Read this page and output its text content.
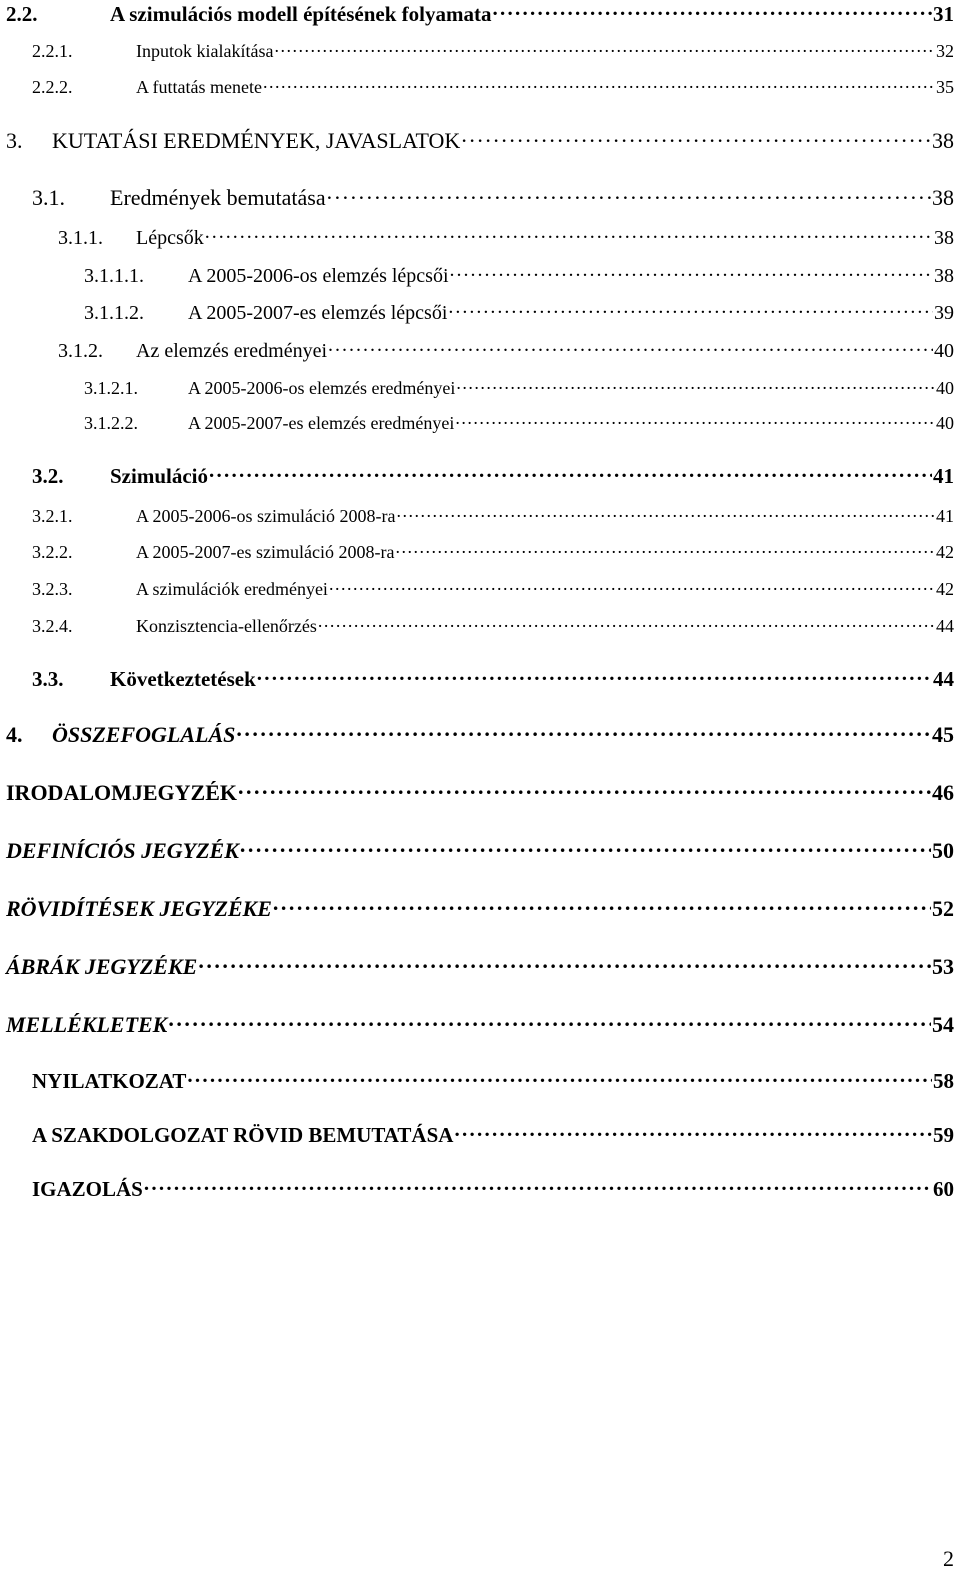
2.2.	A szimulációs modell építésének folyamata . . .	31
2.2.1.	Inputok kialakítása . . .	32
2.2.2.	A futtatás menete . . .	35
3.	KUTATÁSI EREDMÉNYEK, JAVASLATOK . . .	38
3.1.	Eredmények bemutatása . . .	38
3.1.1.	Lépcsők . . .	38
3.1.1.1.	A 2005-2006-os elemzés lépcsői . . .	38
3.1.1.2.	A 2005-2007-es elemzés lépcsői . . .	39
3.1.2.	Az elemzés eredményei . . .	40
3.1.2.1.	A 2005-2006-os elemzés eredményei . . .	40
3.1.2.2.	A 2005-2007-es elemzés eredményei . . .	40
3.2.	Szimuláció . . .	41
3.2.1.	A 2005-2006-os szimuláció 2008-ra . . .	41
3.2.2.	A 2005-2007-es szimuláció 2008-ra . . .	42
3.2.3.	A szimulációk eredményei . . .	42
3.2.4.	Konzisztencia-ellenőrzés . . .	44
3.3.	Következtetések . . .	44
4.	ÖSSZEFOGLALÁS . . .	45
IRODALOMJEGYZÉK . . .	46
DEFINÍCIÓS JEGYZÉK . . .	50
RÖVIDÍTÉSEK JEGYZÉKE . . .	52
ÁBRÁK JEGYZÉKE . . .	53
MELLÉKLETEK . . .	54
NYILATKOZAT . . .	58
A SZAKDOLGOZAT RÖVID BEMUTATÁSA . . .	59
IGAZOLÁS . . .	60
2
